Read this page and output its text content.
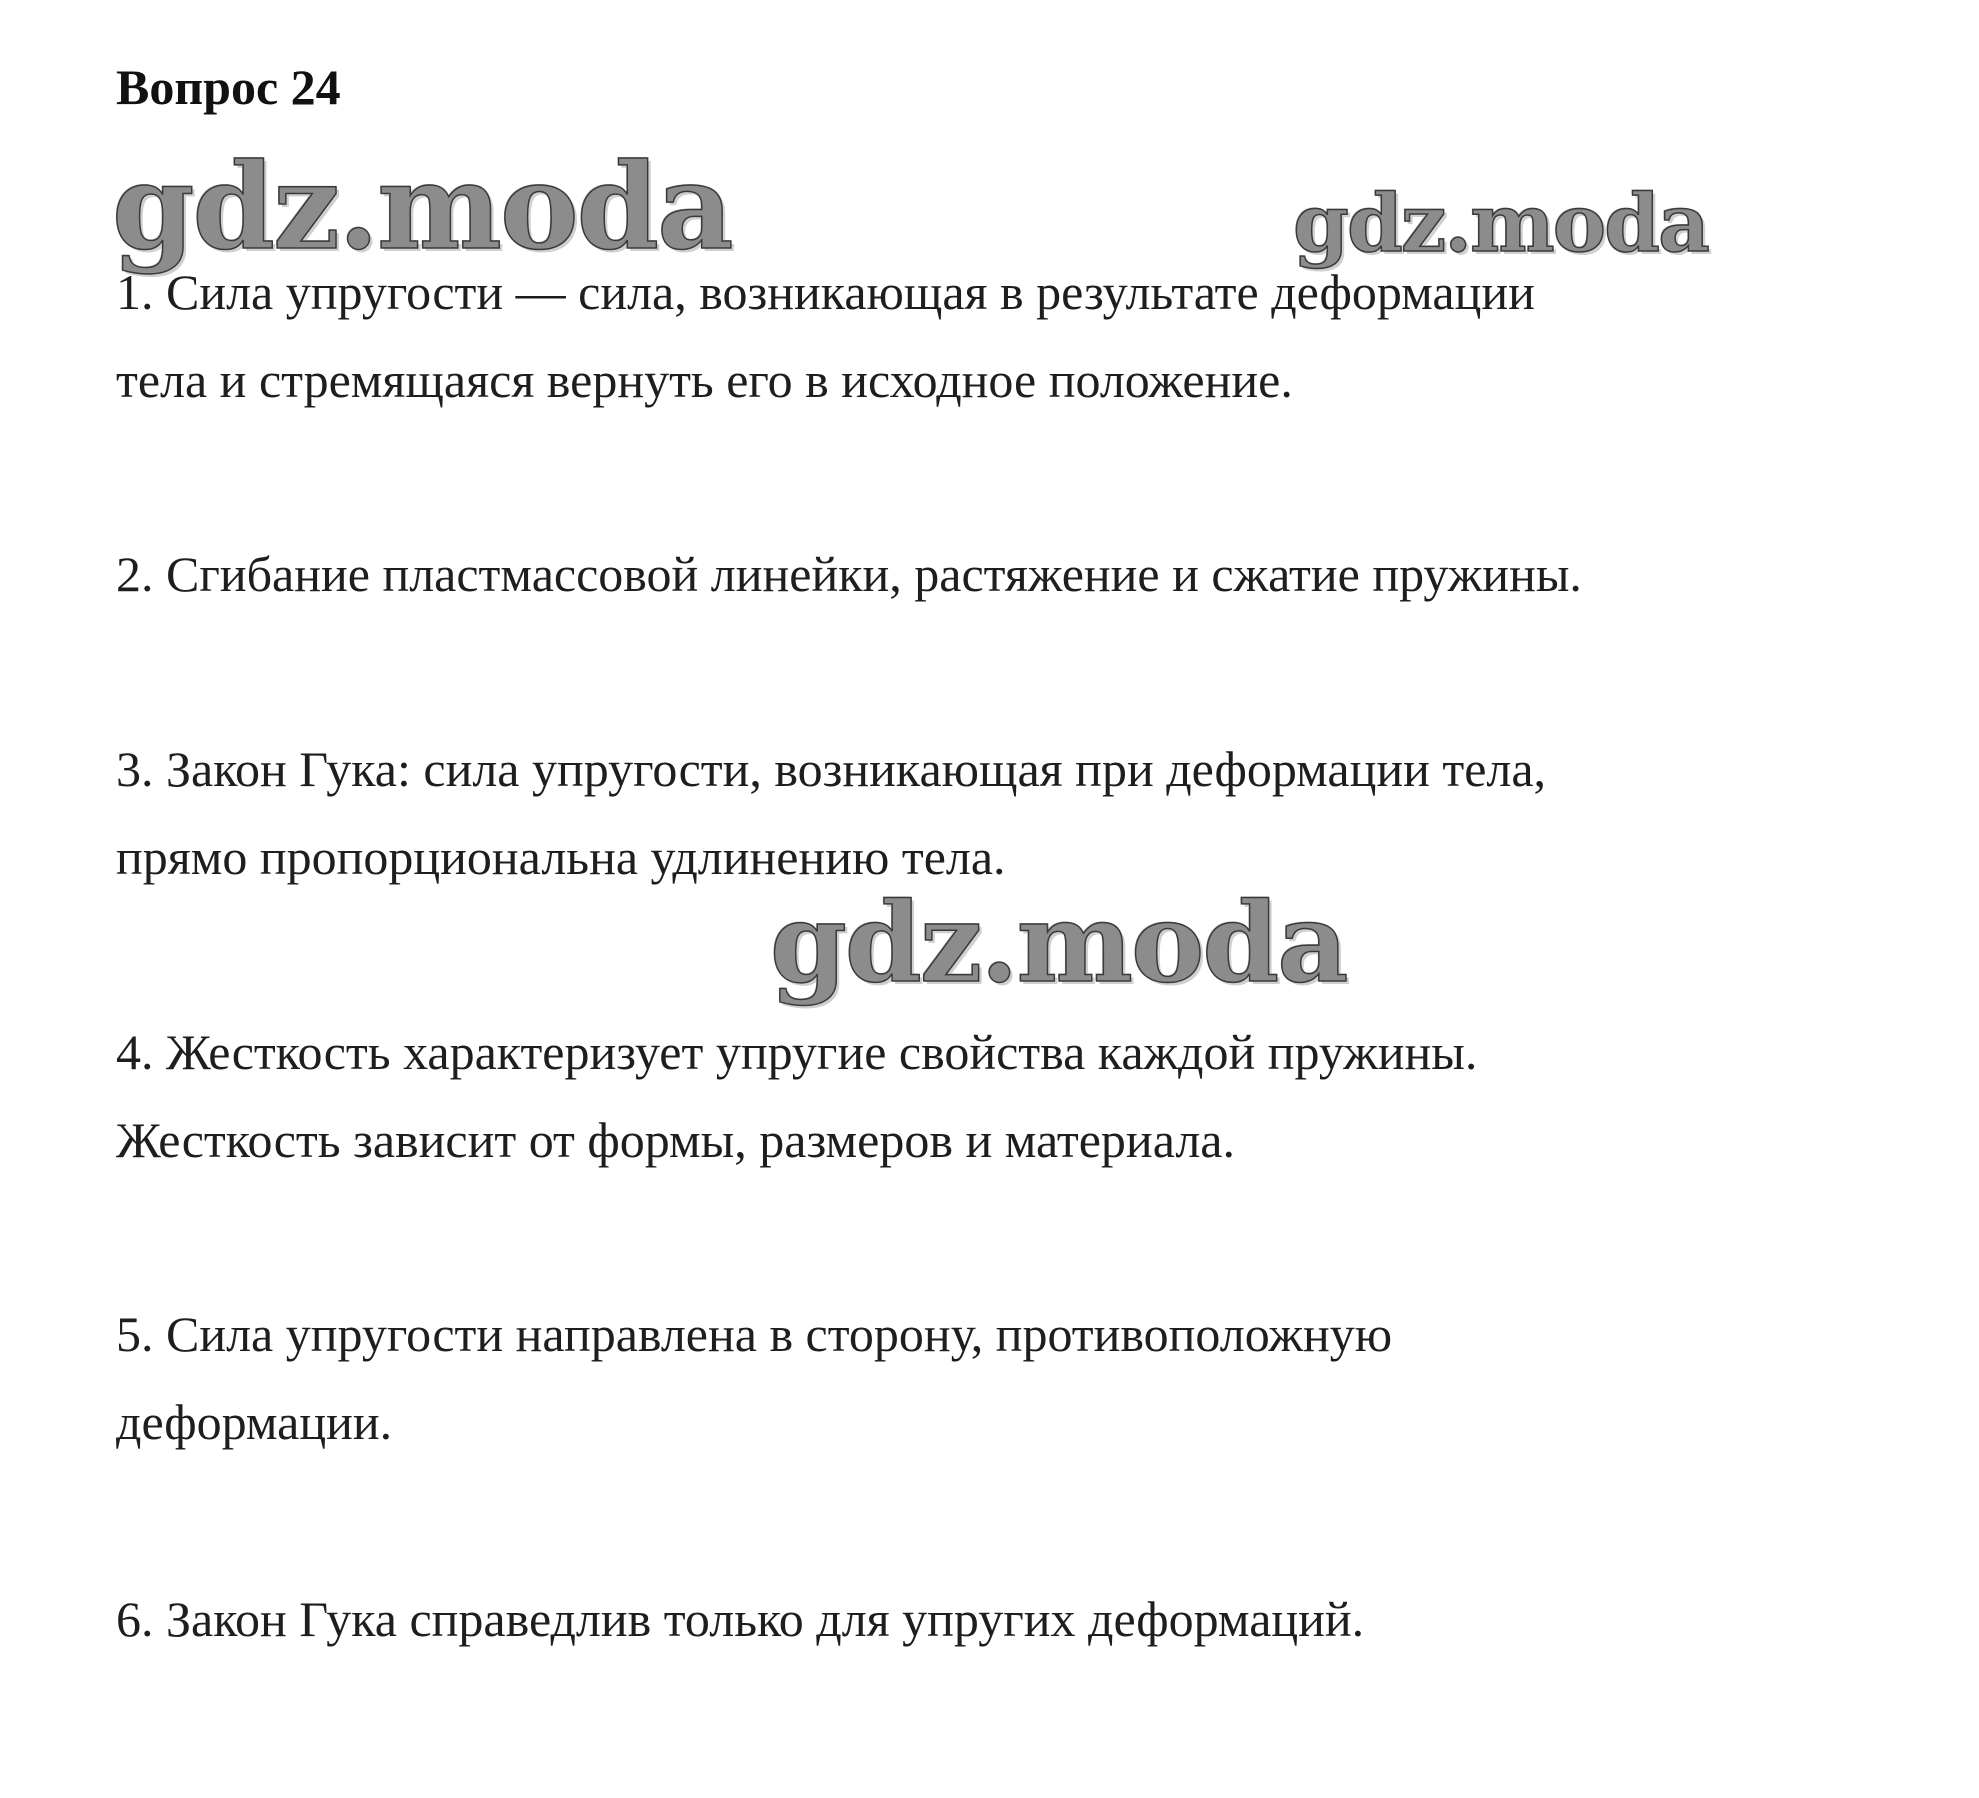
Вопрос 24
gdz.moda	gdz.moda
gdz.moda
1. Сила упругости — сила, возникающая в результате деформации
тела и стремящаяся вернуть его в исходное положение.
2. Сгибание пластмассовой линейки, растяжение и сжатие пружины.
3. Закон Гука: сила упругости, возникающая при деформации тела,
прямо пропорциональна удлинению тела.
4. Жесткость характеризует упругие свойства каждой пружины.
Жесткость зависит от формы, размеров и материала.
5. Сила упругости направлена в сторону, противоположную
деформации.
6. Закон Гука справедлив только для упругих деформаций.
